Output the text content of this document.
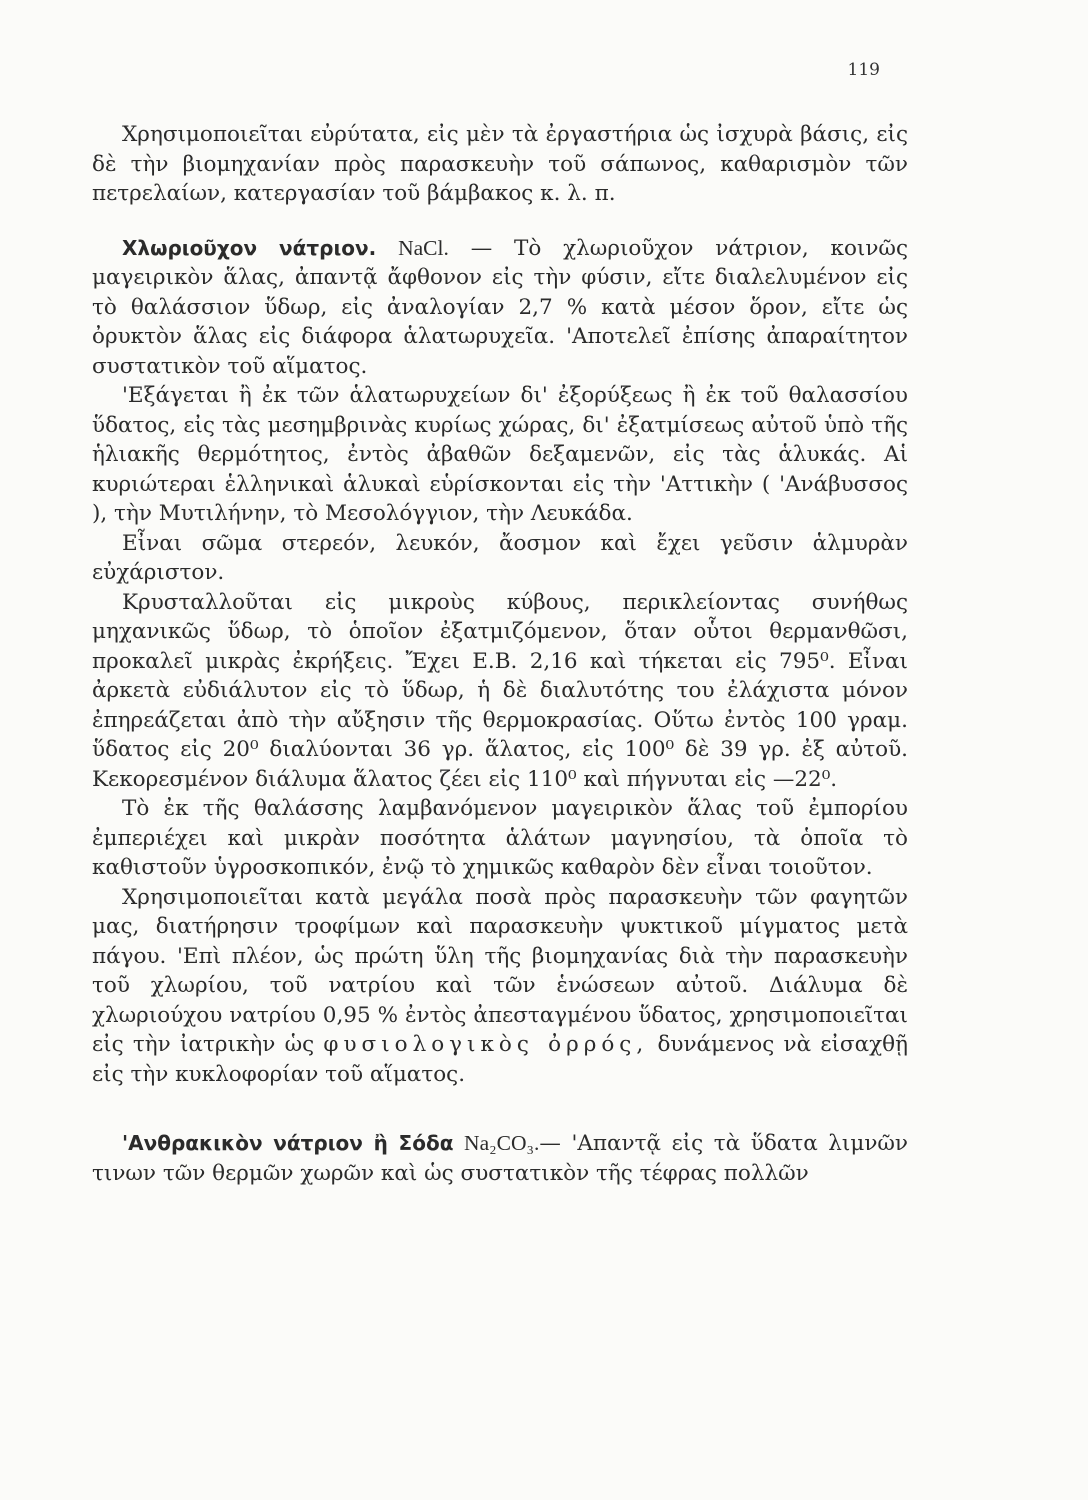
119

Χρησιμοποιεῖται εὐρύτατα, εἰς μὲν τὰ ἐργαστήρια ὡς ἰσχυρὰ βάσις, εἰς δὲ τὴν βιομηχανίαν πρὸς παρασκευὴν τοῦ σάπωνος, καθαρισμὸν τῶν πετρελαίων, κατεργασίαν τοῦ βάμβακος κ. λ. π.

Χλωριοῦχον νάτριον. NaCl. — Τὸ χλωριοῦχον νάτριον, κοινῶς μαγειρικὸν ἅλας, ἀπαντᾷ ἄφθονον εἰς τὴν φύσιν, εἴτε διαλελυμένον εἰς τὸ θαλάσσιον ὕδωρ, εἰς ἀναλογίαν 2,7 % κατὰ μέσον ὅρον, εἴτε ὡς ὀρυκτὸν ἅλας εἰς διάφορα ἁλατωρυχεῖα. 'Αποτελεῖ ἐπίσης ἀπαραίτητον συστατικὸν τοῦ αἵματος.

'Εξάγεται ἢ ἐκ τῶν ἁλατωρυχείων δι' ἐξορύξεως ἢ ἐκ τοῦ θαλασσίου ὕδατος, εἰς τὰς μεσημβρινὰς κυρίως χώρας, δι' ἐξατμίσεως αὐτοῦ ὑπὸ τῆς ἡλιακῆς θερμότητος, ἐντὸς ἀβαθῶν δεξαμενῶν, εἰς τὰς ἁλυκάς. Αἱ κυριώτεραι ἑλληνικαὶ ἁλυκαὶ εὑρίσκονται εἰς τὴν 'Αττικὴν ( 'Ανάβυσσος ), τὴν Μυτιλήνην, τὸ Μεσολόγγιον, τὴν Λευκάδα.

Εἶναι σῶμα στερεόν, λευκόν, ἄοσμον καὶ ἔχει γεῦσιν ἁλμυρὰν εὐχάριστον.

Κρυσταλλοῦται εἰς μικροὺς κύβους, περικλείοντας συνήθως μηχανικῶς ὕδωρ, τὸ ὁποῖον ἐξατμιζόμενον, ὅταν οὗτοι θερμανθῶσι, προκαλεῖ μικρὰς ἐκρήξεις. Ἔχει Ε.Β. 2,16 καὶ τήκεται εἰς 795⁰. Εἶναι ἀρκετὰ εὐδιάλυτον εἰς τὸ ὕδωρ, ἡ δὲ διαλυτότης του ἐλάχιστα μόνον ἐπηρεάζεται ἀπὸ τὴν αὔξησιν τῆς θερμοκρασίας. Οὕτω ἐντὸς 100 γραμ. ὕδατος εἰς 20⁰ διαλύονται 36 γρ. ἅλατος, εἰς 100⁰ δὲ 39 γρ. ἐξ αὐτοῦ. Κεκορεσμένον διάλυμα ἅλατος ζέει εἰς 110⁰ καὶ πήγνυται εἰς —22⁰.

Τὸ ἐκ τῆς θαλάσσης λαμβανόμενον μαγειρικὸν ἅλας τοῦ ἐμπορίου ἐμπεριέχει καὶ μικρὰν ποσότητα ἁλάτων μαγνησίου, τὰ ὁποῖα τὸ καθιστοῦν ὑγροσκοπικόν, ἐνῷ τὸ χημικῶς καθαρὸν δὲν εἶναι τοιοῦτον.

Χρησιμοποιεῖται κατὰ μεγάλα ποσὰ πρὸς παρασκευὴν τῶν φαγητῶν μας, διατήρησιν τροφίμων καὶ παρασκευὴν ψυκτικοῦ μίγματος μετὰ πάγου. 'Επὶ πλέον, ὡς πρώτη ὕλη τῆς βιομηχανίας διὰ τὴν παρασκευὴν τοῦ χλωρίου, τοῦ νατρίου καὶ τῶν ἑνώσεων αὐτοῦ. Διάλυμα δὲ χλωριούχου νατρίου 0,95 % ἐντὸς ἀπεσταγμένου ὕδατος, χρησιμοποιεῖται εἰς τὴν ἰατρικὴν ὡς φυσιολογικὸς ὀρρός, δυνάμενος νὰ εἰσαχθῇ εἰς τὴν κυκλοφορίαν τοῦ αἵματος.

'Ανθρακικὸν νάτριον ἢ Σόδα Na₂CO₃.— 'Απαντᾷ εἰς τὰ ὕδατα λιμνῶν τινων τῶν θερμῶν χωρῶν καὶ ὡς συστατικὸν τῆς τέφρας πολλῶν
